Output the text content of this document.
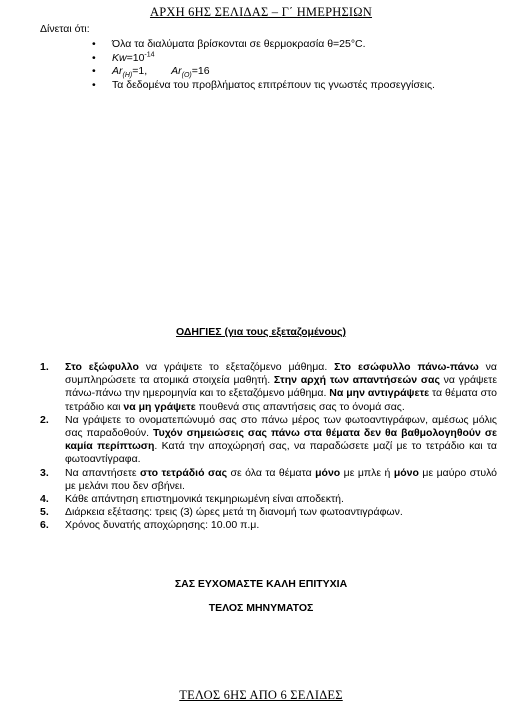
ΑΡΧΗ 6ΗΣ ΣΕΛΙΔΑΣ – Γ΄ ΗΜΕΡΗΣΙΩΝ
Δίνεται ότι:
• Όλα τα διαλύματα βρίσκονται σε θερμοκρασία θ=25°C.
• $Kw=10^{-14}$
• $Ar_{(H)}=1$, $Ar_{(O)}=16$
• Τα δεδομένα του προβλήματος επιτρέπουν τις γνωστές προσεγγίσεις.
ΟΔΗΓΙΕΣ (για τους εξεταζομένους)
1. Στο εξώφυλλο να γράψετε το εξεταζόμενο μάθημα. Στο εσώφυλλο πάνω-πάνω να συμπληρώσετε τα ατομικά στοιχεία μαθητή. Στην αρχή των απαντήσεών σας να γράψετε πάνω-πάνω την ημερομηνία και το εξεταζόμενο μάθημα. Να μην αντιγράψετε τα θέματα στο τετράδιο και να μη γράψετε πουθενά στις απαντήσεις σας το όνομά σας.
2. Να γράψετε το ονοματεπώνυμό σας στο πάνω μέρος των φωτοαντιγράφων, αμέσως μόλις σας παραδοθούν. Τυχόν σημειώσεις σας πάνω στα θέματα δεν θα βαθμολογηθούν σε καμία περίπτωση. Κατά την αποχώρησή σας, να παραδώσετε μαζί με το τετράδιο και τα φωτοαντίγραφα.
3. Να απαντήσετε στο τετράδιό σας σε όλα τα θέματα μόνο με μπλε ή μόνο με μαύρο στυλό με μελάνι που δεν σβήνει.
4. Κάθε απάντηση επιστημονικά τεκμηριωμένη είναι αποδεκτή.
5. Διάρκεια εξέτασης: τρεις (3) ώρες μετά τη διανομή των φωτοαντιγράφων.
6. Χρόνος δυνατής αποχώρησης: 10.00 π.μ.
ΣΑΣ ΕΥΧΟΜΑΣΤΕ ΚΑΛΗ ΕΠΙΤΥΧΙΑ
ΤΕΛΟΣ ΜΗΝΥΜΑΤΟΣ
ΤΕΛΟΣ 6ΗΣ ΑΠΟ 6 ΣΕΛΙΔΕΣ
